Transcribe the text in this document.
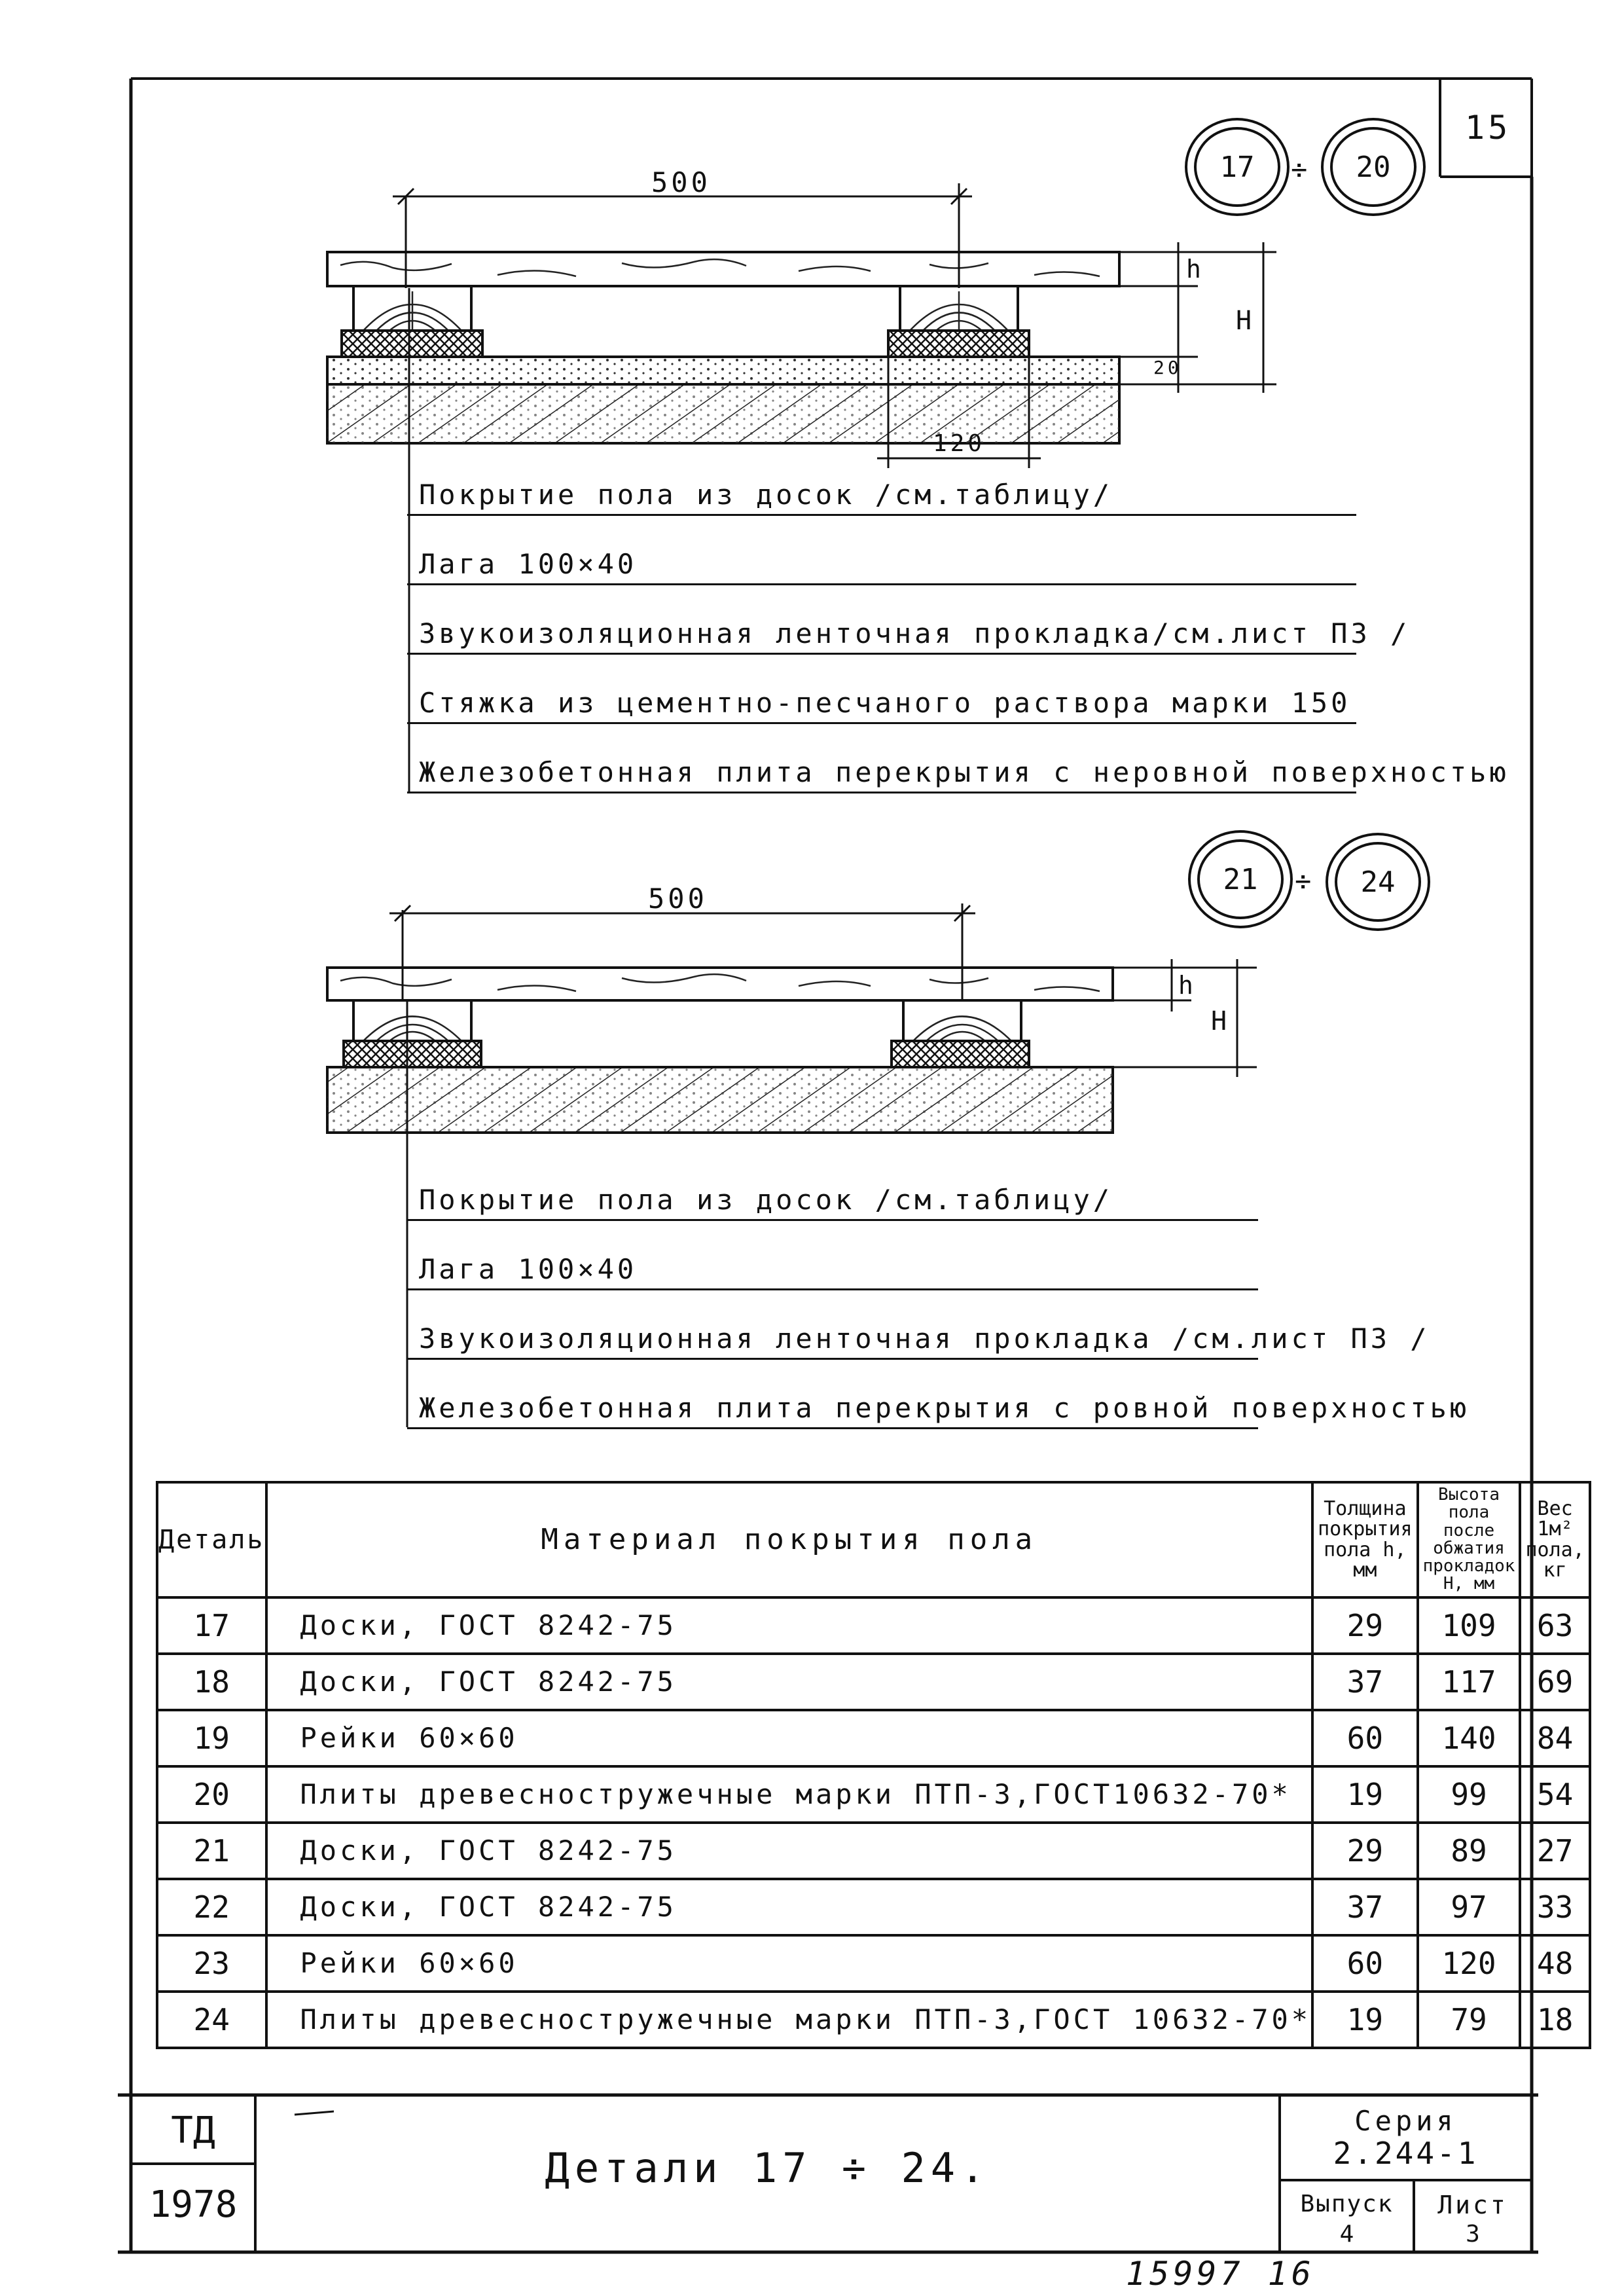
15
500
120
h
H
20
17 ÷ 20
Покрытие пола из досок /см.таблицу/
Лага 100×40
Звукоизоляционная ленточная прокладка/см.лист ПЗ /
Стяжка из цементно-песчаного раствора марки 150
Железобетонная плита перекрытия с неровной поверхностью
500
h
H
21 ÷ 24
Покрытие пола из досок /см.таблицу/
Лага 100×40
Звукоизоляционная ленточная прокладка /см.лист ПЗ /
Железобетонная плита перекрытия с ровной поверхностью
Деталь	Материал покрытия пола	Толщина покрытия пола h, мм	Высота пола после обжатия прокладок Н, мм	Вес 1м² пола, кг
17	Доски, ГОСТ 8242-75	29	109	63
18	Доски, ГОСТ 8242-75	37	117	69
19	Рейки 60×60	60	140	84
20	Плиты древесностружечные марки ПТП-3,ГОСТ10632-70*	19	99	54
21	Доски, ГОСТ 8242-75	29	89	27
22	Доски, ГОСТ 8242-75	37	97	33
23	Рейки 60×60	60	120	48
24	Плиты древесностружечные марки ПТП-3,ГОСТ 10632-70*	19	79	18
ТД
1978
Детали 17 ÷ 24.
Серия
2.244-1
Выпуск
4
Лист
3
15997 16
